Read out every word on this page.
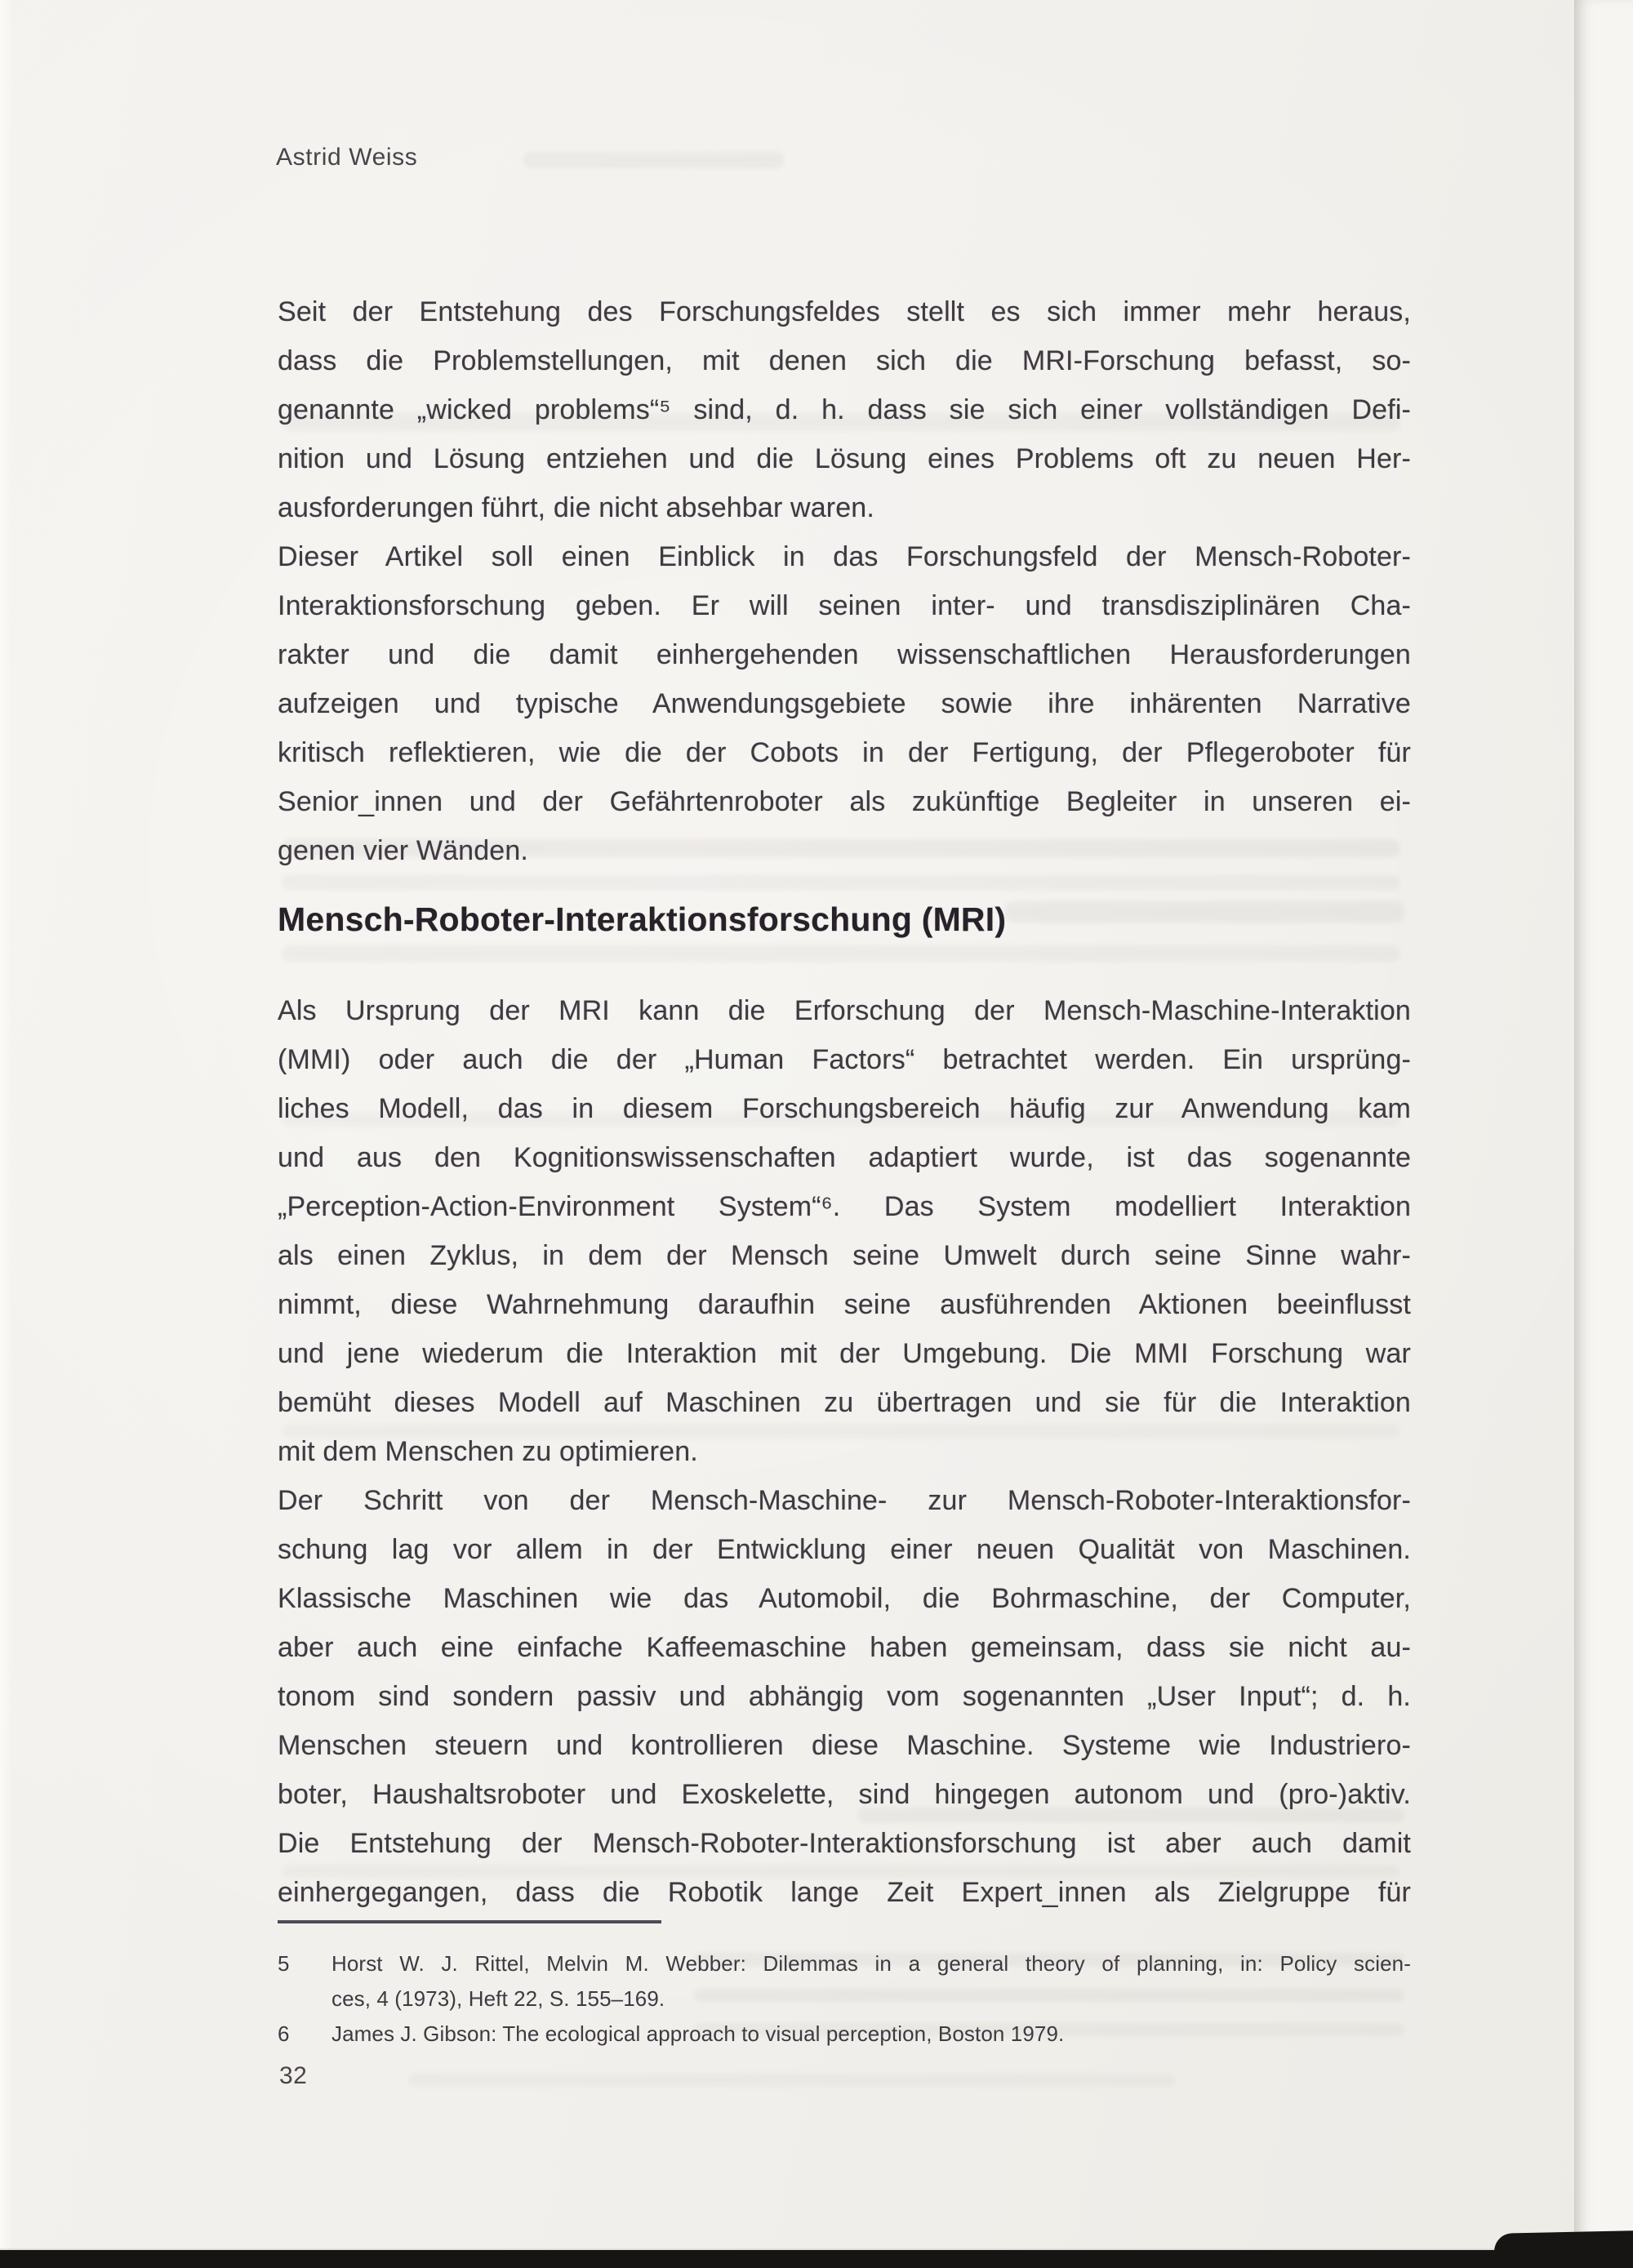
Astrid Weiss
Seit der Entstehung des Forschungsfeldes stellt es sich immer mehr heraus,
dass die Problemstellungen, mit denen sich die MRI-Forschung befasst, so-
genannte „wicked problems“⁵ sind, d. h. dass sie sich einer vollständigen Defi-
nition und Lösung entziehen und die Lösung eines Problems oft zu neuen Her-
ausforderungen führt, die nicht absehbar waren.
Dieser Artikel soll einen Einblick in das Forschungsfeld der Mensch-Roboter-
Interaktionsforschung geben. Er will seinen inter- und transdisziplinären Cha-
rakter und die damit einhergehenden wissenschaftlichen Herausforderungen
aufzeigen und typische Anwendungsgebiete sowie ihre inhärenten Narrative
kritisch reflektieren, wie die der Cobots in der Fertigung, der Pflegeroboter für
Senior_innen und der Gefährtenroboter als zukünftige Begleiter in unseren ei-
genen vier Wänden.
Mensch-Roboter-Interaktionsforschung (MRI)
Als Ursprung der MRI kann die Erforschung der Mensch-Maschine-Interaktion
(MMI) oder auch die der „Human Factors“ betrachtet werden. Ein ursprüng-
liches Modell, das in diesem Forschungsbereich häufig zur Anwendung kam
und aus den Kognitionswissenschaften adaptiert wurde, ist das sogenannte
„Perception-Action-Environment System“⁶. Das System modelliert Interaktion
als einen Zyklus, in dem der Mensch seine Umwelt durch seine Sinne wahr-
nimmt, diese Wahrnehmung daraufhin seine ausführenden Aktionen beeinflusst
und jene wiederum die Interaktion mit der Umgebung. Die MMI Forschung war
bemüht dieses Modell auf Maschinen zu übertragen und sie für die Interaktion
mit dem Menschen zu optimieren.
Der Schritt von der Mensch-Maschine- zur Mensch-Roboter-Interaktionsfor-
schung lag vor allem in der Entwicklung einer neuen Qualität von Maschinen.
Klassische Maschinen wie das Automobil, die Bohrmaschine, der Computer,
aber auch eine einfache Kaffeemaschine haben gemeinsam, dass sie nicht au-
tonom sind sondern passiv und abhängig vom sogenannten „User Input“; d. h.
Menschen steuern und kontrollieren diese Maschine. Systeme wie Industriero-
boter, Haushaltsroboter und Exoskelette, sind hingegen autonom und (pro-)aktiv.
Die Entstehung der Mensch-Roboter-Interaktionsforschung ist aber auch damit
einhergegangen, dass die Robotik lange Zeit Expert_innen als Zielgruppe für
5	Horst W. J. Rittel, Melvin M. Webber: Dilemmas in a general theory of planning, in: Policy scien-
ces, 4 (1973), Heft 22, S. 155–169.
6	James J. Gibson: The ecological approach to visual perception, Boston 1979.
32
